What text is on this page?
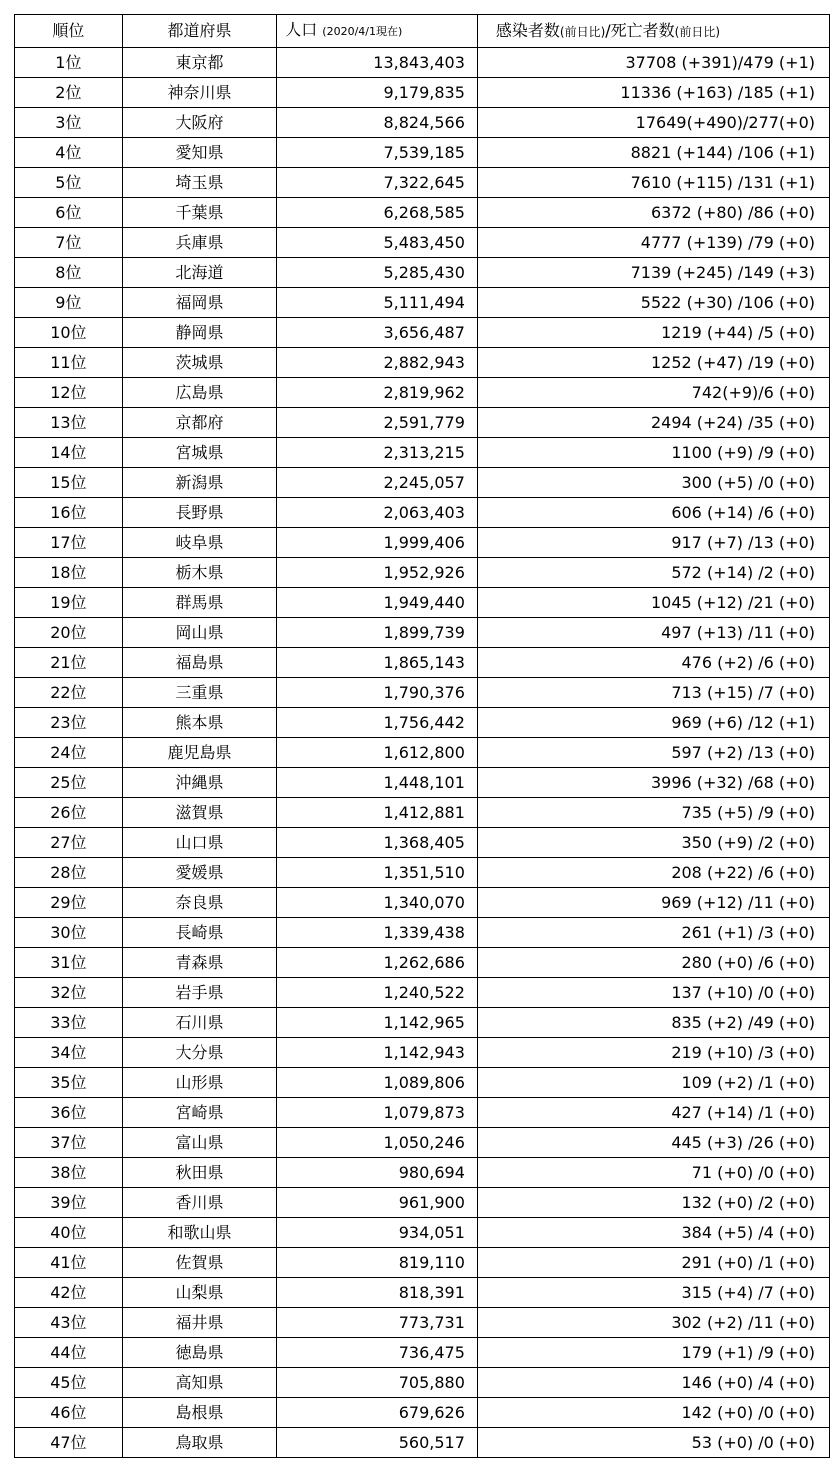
順位	都道府県	人口 (2020/4/1現在)	感染者数(前日比)/死亡者数(前日比)
1位	東京都	13,843,403	37708 (+391)/479 (+1)
2位	神奈川県	9,179,835	11336 (+163) /185 (+1)
3位	大阪府	8,824,566	17649(+490)/277(+0)
4位	愛知県	7,539,185	8821 (+144) /106 (+1)
5位	埼玉県	7,322,645	7610 (+115) /131 (+1)
6位	千葉県	6,268,585	6372 (+80) /86 (+0)
7位	兵庫県	5,483,450	4777 (+139) /79 (+0)
8位	北海道	5,285,430	7139 (+245) /149 (+3)
9位	福岡県	5,111,494	5522 (+30) /106 (+0)
10位	静岡県	3,656,487	1219 (+44) /5 (+0)
11位	茨城県	2,882,943	1252 (+47) /19 (+0)
12位	広島県	2,819,962	742(+9)/6 (+0)
13位	京都府	2,591,779	2494 (+24) /35 (+0)
14位	宮城県	2,313,215	1100 (+9) /9 (+0)
15位	新潟県	2,245,057	300 (+5) /0 (+0)
16位	長野県	2,063,403	606 (+14) /6 (+0)
17位	岐阜県	1,999,406	917 (+7) /13 (+0)
18位	栃木県	1,952,926	572 (+14) /2 (+0)
19位	群馬県	1,949,440	1045 (+12) /21 (+0)
20位	岡山県	1,899,739	497 (+13) /11 (+0)
21位	福島県	1,865,143	476 (+2) /6 (+0)
22位	三重県	1,790,376	713 (+15) /7 (+0)
23位	熊本県	1,756,442	969 (+6) /12 (+1)
24位	鹿児島県	1,612,800	597 (+2) /13 (+0)
25位	沖縄県	1,448,101	3996 (+32) /68 (+0)
26位	滋賀県	1,412,881	735 (+5) /9 (+0)
27位	山口県	1,368,405	350 (+9) /2 (+0)
28位	愛媛県	1,351,510	208 (+22) /6 (+0)
29位	奈良県	1,340,070	969 (+12) /11 (+0)
30位	長崎県	1,339,438	261 (+1) /3 (+0)
31位	青森県	1,262,686	280 (+0) /6 (+0)
32位	岩手県	1,240,522	137 (+10) /0 (+0)
33位	石川県	1,142,965	835 (+2) /49 (+0)
34位	大分県	1,142,943	219 (+10) /3 (+0)
35位	山形県	1,089,806	109 (+2) /1 (+0)
36位	宮崎県	1,079,873	427 (+14) /1 (+0)
37位	富山県	1,050,246	445 (+3) /26 (+0)
38位	秋田県	980,694	71 (+0) /0 (+0)
39位	香川県	961,900	132 (+0) /2 (+0)
40位	和歌山県	934,051	384 (+5) /4 (+0)
41位	佐賀県	819,110	291 (+0) /1 (+0)
42位	山梨県	818,391	315 (+4) /7 (+0)
43位	福井県	773,731	302 (+2) /11 (+0)
44位	徳島県	736,475	179 (+1) /9 (+0)
45位	高知県	705,880	146 (+0) /4 (+0)
46位	島根県	679,626	142 (+0) /0 (+0)
47位	鳥取県	560,517	53 (+0) /0 (+0)
